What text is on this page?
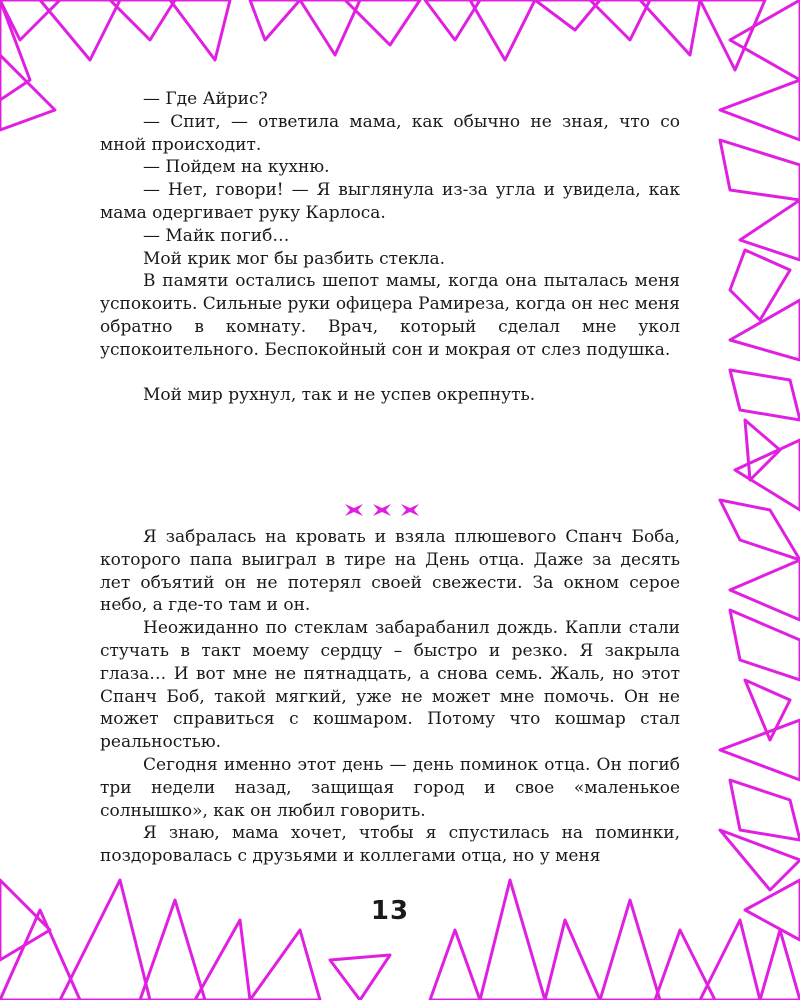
— Где Айрис?

— Спит, — ответила мама, как обычно не зная, что со мной происходит.

— Пойдем на кухню.

— Нет, говори! — Я выглянула из-за угла и увидела, как мама одергивает руку Карлоса.

— Майк погиб…

Мой крик мог бы разбить стекла.

В памяти остались шепот мамы, когда она пыталась меня успокоить. Сильные руки офицера Рамиреза, когда он нес меня обратно в комнату. Врач, который сделал мне укол успокоительного. Беспокойный сон и мокрая от слез подушка.

Мой мир рухнул, так и не успев окрепнуть.

Я забралась на кровать и взяла плюшевого Спанч Боба, которого папа выиграл в тире на День отца. Даже за десять лет объятий он не потерял своей свежести. За окном серое небо, а где-то там и он.

Неожиданно по стеклам забарабанил дождь. Капли стали стучать в такт моему сердцу – быстро и резко. Я закрыла глаза… И вот мне не пятнадцать, а снова семь. Жаль, но этот Спанч Боб, такой мягкий, уже не может мне помочь. Он не может справиться с кошмаром. Потому что кошмар стал реальностью.

Сегодня именно этот день — день поминок отца. Он погиб три недели назад, защищая город и свое «маленькое солнышко», как он любил говорить.

Я знаю, мама хочет, чтобы я спустилась на поминки, поздоровалась с друзьями и коллегами отца, но у меня

13
